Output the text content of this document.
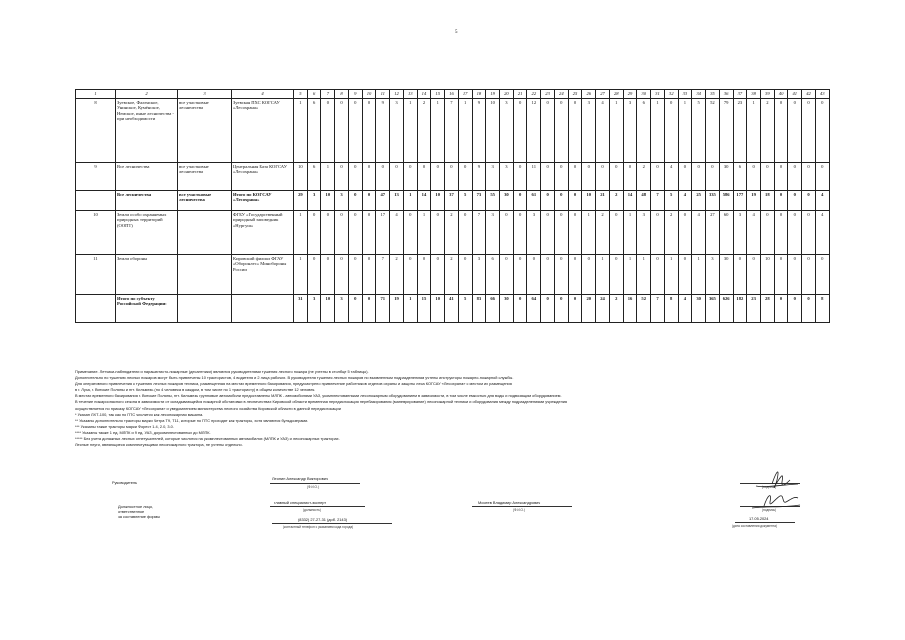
5
1	2	3	4	5	6	7	8	9	10	11	12	13	14	15	16	17	18	19	20	21	22	23	24	25	26	27	28	29	30	31	32	33	34	35	36	37	38	39	40	41	42	43
8	Зуевское, Фаленское, Унинское, Кумёнское, Немское, иные лесничества - при необходимости	все участковые лесничества	Зуевская ПХС КОГСАУ «Лесохрана»	1	6	0	0	0	0	9	3	1	2	1	7	1	9	10	3	0	12	0	0	0	3	4	1	3	6	1	0	1	5	52	79	23	1	2	0	0	0	0
9	Все лесничества	все участковые лесничества	Центральная База КОГСАУ «Лесохрана»	10	6	1	0	0	0	0	0	0	0	0	0	0	9	3	3	0	11	0	0	0	0	0	0	0	2	0	4	0	0	0	30	6	0	0	0	0	0	0
	Все лесничества	все участковые лесничества	Итого по КОГСАУ «Лесохрана»	29	3	10	3	0	0	47	13	1	14	10	37	5	73	55	30	0	61	0	0	0	10	21	2	14	48	7	5	4	25	335	586	177	19	18	0	0	0	4
10	Земли особо охраняемых природных территорий (ООПТ)		ФГБУ «Государственный природный заповедник «Нургуш»	1	0	0	0	0	0	17	4	0	1	0	2	0	7	3	0	0	3	0	0	0	1	2	0	1	3	0	2	0	4	27	60	3	4	0	0	0	0	4
11	Земли обороны		Кировский филиал ФГАУ «Оборонлес» Минобороны России	1	0	0	0	0	0	7	2	0	0	0	2	0	3	6	0	0	0	0	0	0	0	1	0	1	1	0	1	0	1	3	30	0	0	10	0	0	0	0
	Итого по субъекту Российской Федерации:			31	3	10	3	0	0	71	19	1	15	10	41	5	83	66	30	0	64	0	0	0	20	24	2	16	52	7	8	4	30	365	626	182	23	28	0	0	0	8
Примечание. Летчики-наблюдатели и парашютисто-пожарные (десантники) являются руководителями тушения лесного пожара (не учтены в столбце 5 таблицы).
Дополнительно по тушению лесных пожаров могут быть привлечены 10 трактористов, 4 водителя и 2 лица рабочих. В руководителя тушения лесных пожаров по выявленным подразделениям учтены инструкторы пожарно-пожарной службы.
Для оперативного привлечения к тушению лесных пожаров техника, размещенная на местах временного базирования, предусмотрено привлечение работников отделов охраны и защиты леса КОГСАУ «Лесохрана» с местом их размещения
в г. Луза, г. Вятские Поляны и пгт. Кильмезь (по 4 человека в каждом, в том числе по 1 трактористу) в общем количестве 12 человек.
В местах временного базирования г. Вятские Поляны, пгт. Кильмезь групповые автомобили предоставлены МЛПК - автомобилями УАЗ, укомплектованными лесопожарным оборудованием в зависимости, в том числе емкостью для воды и подвозящим оборудованием.
В течение пожароопасного сезона в зависимости от складывающейся пожарной обстановки в лесничествах Кировской области временная передислокация перебазирования (маневрирование) лесопожарной техники и оборудования между подразделениями учреждения
осуществляется по приказу КОГСАУ «Лесохрана» и уведомлением министерства лесного хозяйства Кировской области в данной передислокации
* Указан ЛХТ-100, так как по ПТС числится как лесопожарная машина.
** Указаны дополнительно тракторы марки Четра Т9, Т11, которые по ПТС проходят как тракторы, хотя являются бульдозерами.
*** Указаны также тракторы марки Форест 1.4, 2.0, 3.0.
**** Указаны также 1 ед. МЛПК и 9 ед. УАЗ, доукомплектованных до МЛПК.
***** Без учета донажных лесных огнетушителей, которые числятся на укомплектованных автомобилях (МЛПК и УАЗ) и лесопожарных тракторах.
Лесные плуги, являющиеся комплектующими лесопожарного трактора, не учтены отдельно.
Руководитель
Леонин Александр Викторович
(Ф.И.О.)
Должностное лицо,
ответственное
за составление формы
главный специалист-эксперт
(должность)
Мосеев Владимир Александрович
(Ф.И.О.)
(8332) 27-27-31 (доб. 2143)
(контактный телефон с указанием кода города)
(подпись)
(подпись)
17.05.2024
(дата составления документа)
